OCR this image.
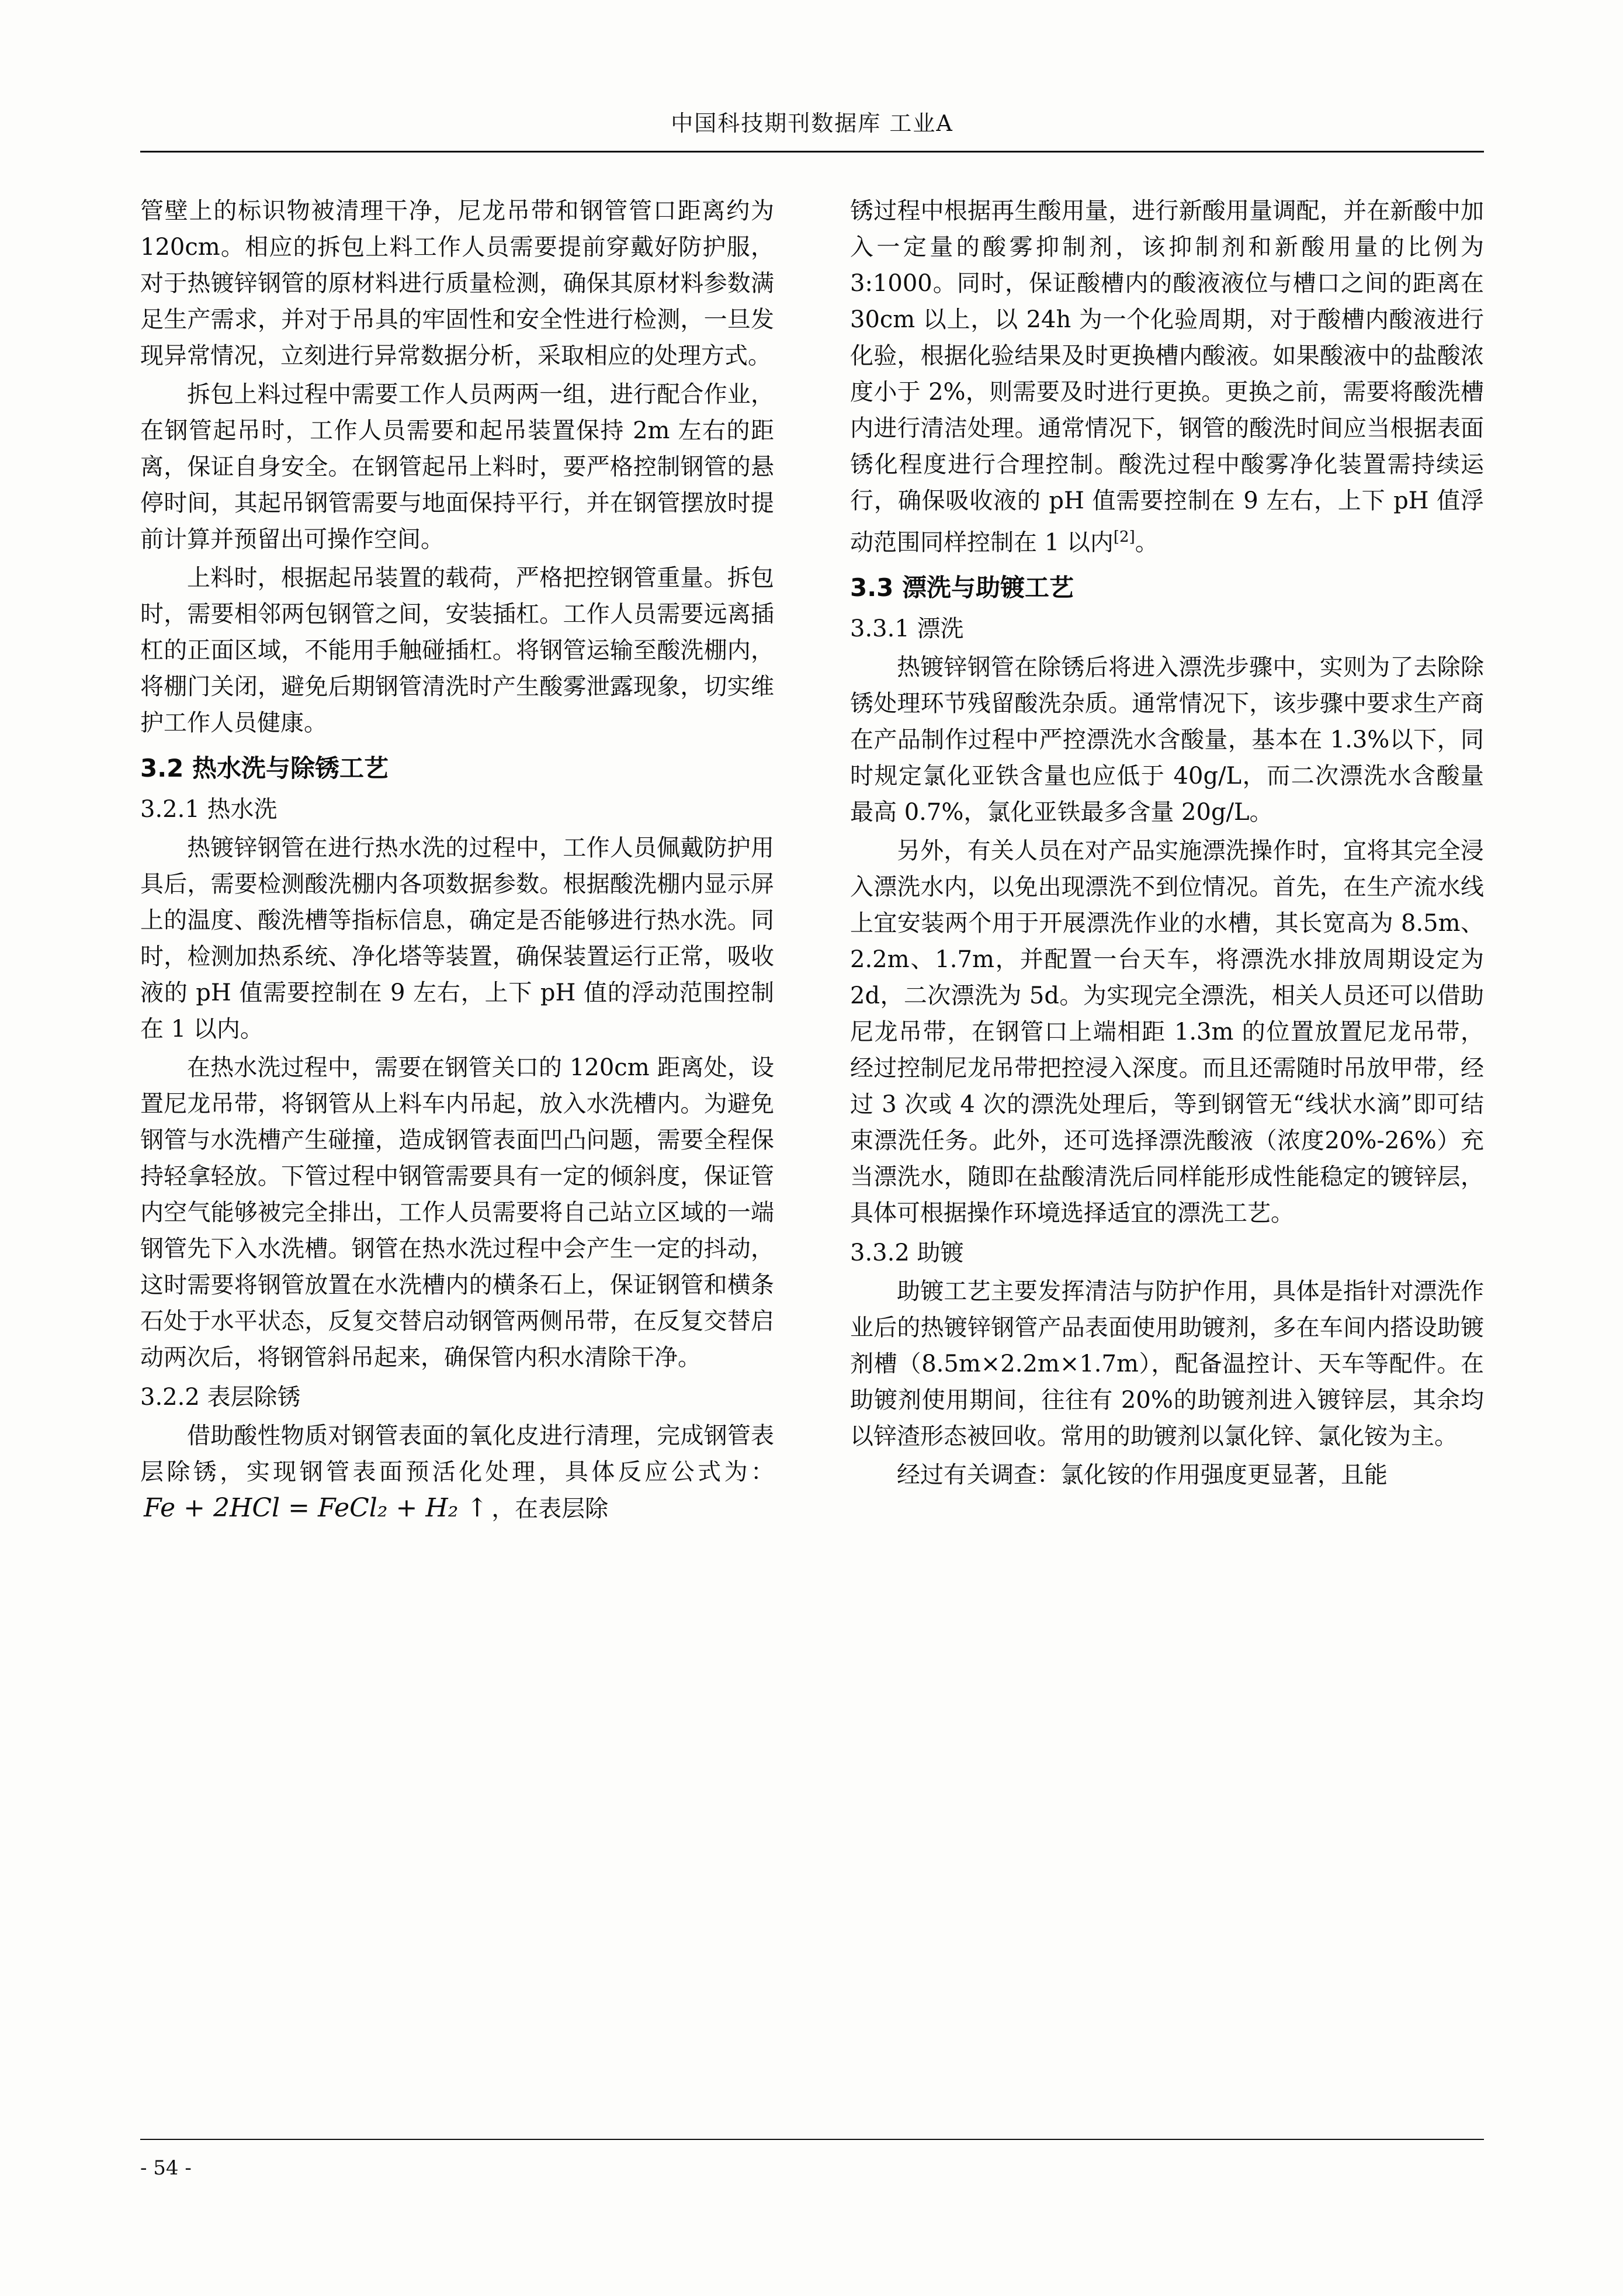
中国科技期刊数据库 工业A

管壁上的标识物被清理干净，尼龙吊带和钢管管口距离约为 120cm。相应的拆包上料工作人员需要提前穿戴好防护服，对于热镀锌钢管的原材料进行质量检测，确保其原材料参数满足生产需求，并对于吊具的牢固性和安全性进行检测，一旦发现异常情况，立刻进行异常数据分析，采取相应的处理方式。

拆包上料过程中需要工作人员两两一组，进行配合作业，在钢管起吊时，工作人员需要和起吊装置保持 2m 左右的距离，保证自身安全。在钢管起吊上料时，要严格控制钢管的悬停时间，其起吊钢管需要与地面保持平行，并在钢管摆放时提前计算并预留出可操作空间。

上料时，根据起吊装置的载荷，严格把控钢管重量。拆包时，需要相邻两包钢管之间，安装插杠。工作人员需要远离插杠的正面区域，不能用手触碰插杠。将钢管运输至酸洗棚内，将棚门关闭，避免后期钢管清洗时产生酸雾泄露现象，切实维护工作人员健康。

3.2 热水洗与除锈工艺
3.2.1 热水洗

热镀锌钢管在进行热水洗的过程中，工作人员佩戴防护用具后，需要检测酸洗棚内各项数据参数。根据酸洗棚内显示屏上的温度、酸洗槽等指标信息，确定是否能够进行热水洗。同时，检测加热系统、净化塔等装置，确保装置运行正常，吸收液的 pH 值需要控制在 9 左右，上下 pH 值的浮动范围控制在 1 以内。

在热水洗过程中，需要在钢管关口的 120cm 距离处，设置尼龙吊带，将钢管从上料车内吊起，放入水洗槽内。为避免钢管与水洗槽产生碰撞，造成钢管表面凹凸问题，需要全程保持轻拿轻放。下管过程中钢管需要具有一定的倾斜度，保证管内空气能够被完全排出，工作人员需要将自己站立区域的一端钢管先下入水洗槽。钢管在热水洗过程中会产生一定的抖动，这时需要将钢管放置在水洗槽内的横条石上，保证钢管和横条石处于水平状态，反复交替启动钢管两侧吊带，在反复交替启动两次后，将钢管斜吊起来，确保管内积水清除干净。

3.2.2 表层除锈

借助酸性物质对钢管表面的氧化皮进行清理，完成钢管表层除锈，实现钢管表面预活化处理，具体反应公式为：Fe + 2HCl = FeCl₂ + H₂ ↑ ，在表层除

锈过程中根据再生酸用量，进行新酸用量调配，并在新酸中加入一定量的酸雾抑制剂，该抑制剂和新酸用量的比例为 3:1000。同时，保证酸槽内的酸液液位与槽口之间的距离在 30cm 以上，以 24h 为一个化验周期，对于酸槽内酸液进行化验，根据化验结果及时更换槽内酸液。如果酸液中的盐酸浓度小于 2%，则需要及时进行更换。更换之前，需要将酸洗槽内进行清洁处理。通常情况下，钢管的酸洗时间应当根据表面锈化程度进行合理控制。酸洗过程中酸雾净化装置需持续运行，确保吸收液的 pH 值需要控制在 9 左右，上下 pH 值浮动范围同样控制在 1 以内[2]。

3.3 漂洗与助镀工艺
3.3.1 漂洗

热镀锌钢管在除锈后将进入漂洗步骤中，实则为了去除除锈处理环节残留酸洗杂质。通常情况下，该步骤中要求生产商在产品制作过程中严控漂洗水含酸量，基本在 1.3%以下，同时规定氯化亚铁含量也应低于 40g/L，而二次漂洗水含酸量最高 0.7%，氯化亚铁最多含量 20g/L。

另外，有关人员在对产品实施漂洗操作时，宜将其完全浸入漂洗水内，以免出现漂洗不到位情况。首先，在生产流水线上宜安装两个用于开展漂洗作业的水槽，其长宽高为 8.5m、2.2m、1.7m，并配置一台天车，将漂洗水排放周期设定为 2d，二次漂洗为 5d。为实现完全漂洗，相关人员还可以借助尼龙吊带，在钢管口上端相距 1.3m 的位置放置尼龙吊带，经过控制尼龙吊带把控浸入深度。而且还需随时吊放甲带，经过 3 次或 4 次的漂洗处理后，等到钢管无“线状水滴”即可结束漂洗任务。此外，还可选择漂洗酸液（浓度20%-26%）充当漂洗水，随即在盐酸清洗后同样能形成性能稳定的镀锌层，具体可根据操作环境选择适宜的漂洗工艺。

3.3.2 助镀

助镀工艺主要发挥清洁与防护作用，具体是指针对漂洗作业后的热镀锌钢管产品表面使用助镀剂，多在车间内搭设助镀剂槽（8.5m×2.2m×1.7m），配备温控计、天车等配件。在助镀剂使用期间，往往有 20%的助镀剂进入镀锌层，其余均以锌渣形态被回收。常用的助镀剂以氯化锌、氯化铵为主。

经过有关调查：氯化铵的作用强度更显著，且能

- 54 -
